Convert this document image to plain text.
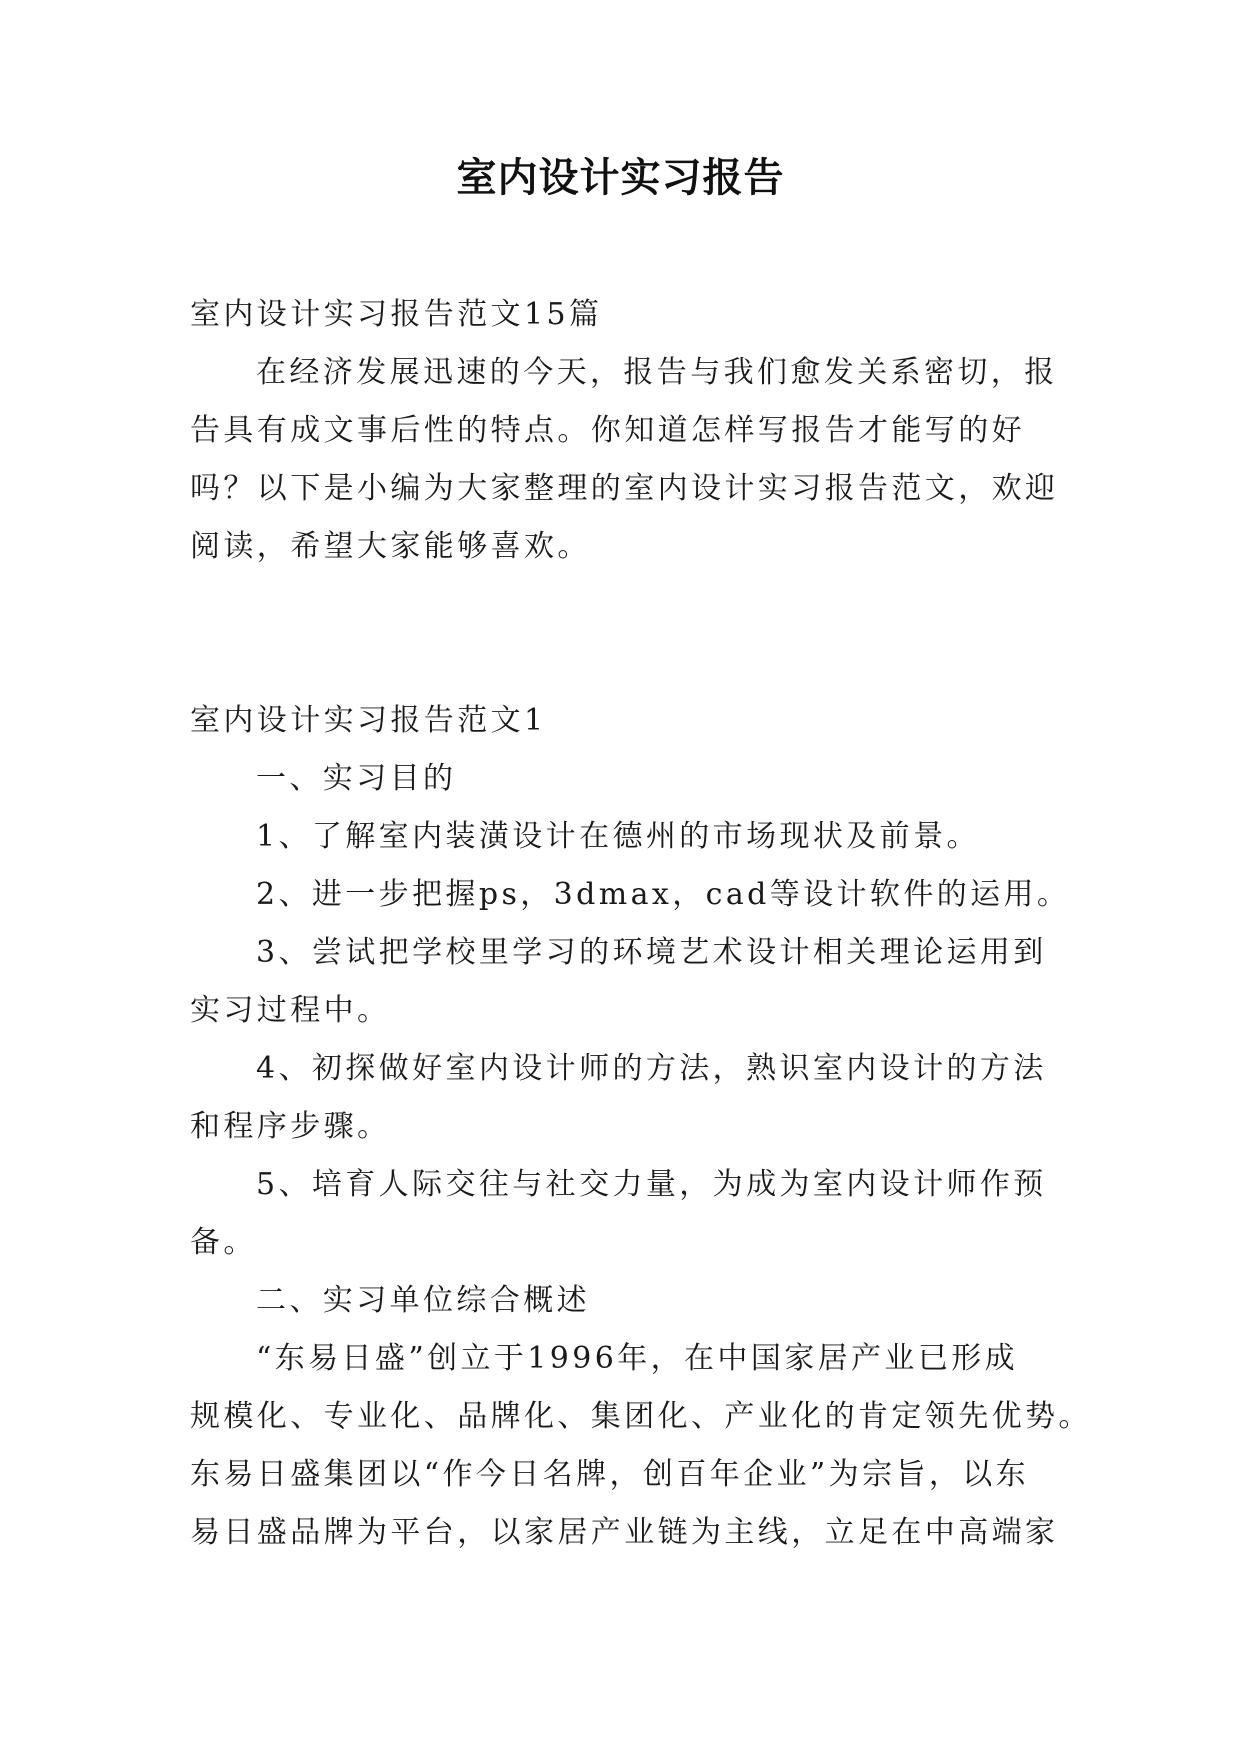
室内设计实习报告

室内设计实习报告范文15篇

在经济发展迅速的今天，报告与我们愈发关系密切，报

告具有成文事后性的特点。你知道怎样写报告才能写的好

吗？以下是小编为大家整理的室内设计实习报告范文，欢迎

阅读，希望大家能够喜欢。

室内设计实习报告范文1

一、实习目的

1、了解室内装潢设计在德州的市场现状及前景。

2、进一步把握ps，3dmax，cad等设计软件的运用。

3、尝试把学校里学习的环境艺术设计相关理论运用到

实习过程中。

4、初探做好室内设计师的方法，熟识室内设计的方法

和程序步骤。

5、培育人际交往与社交力量，为成为室内设计师作预

备。

二、实习单位综合概述

“东易日盛”创立于1996年，在中国家居产业已形成

规模化、专业化、品牌化、集团化、产业化的肯定领先优势。

东易日盛集团以“作今日名牌，创百年企业”为宗旨，以东

易日盛品牌为平台，以家居产业链为主线，立足在中高端家
